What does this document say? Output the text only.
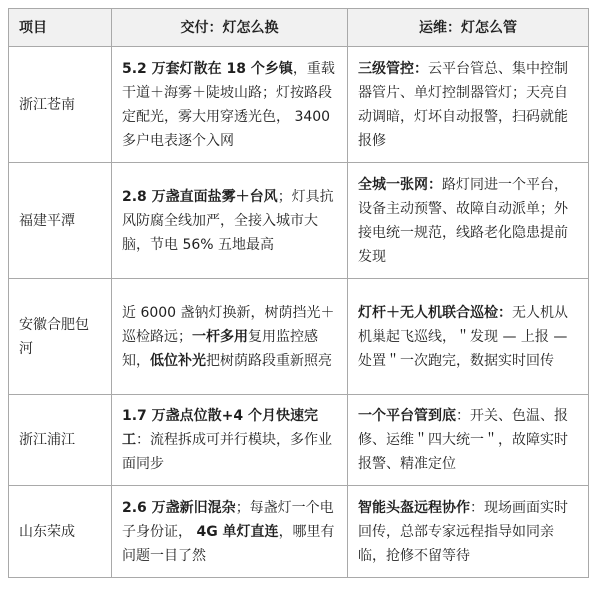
项目	交付：灯怎么换	运维：灯怎么管
浙江苍南	5.2 万套灯散在 18 个乡镇，重载干道＋海雾＋陡坡山路；灯按路段定配光，雾大用穿透光色， 3400 多户电表逐个入网	三级管控：云平台管总、集中控制器管片、单灯控制器管灯；天亮自动调暗，灯坏自动报警，扫码就能报修
福建平潭	2.8 万盏直面盐雾＋台风；灯具抗风防腐全线加严，全接入城市大脑，节电 56% 五地最高	全城一张网：路灯同进一个平台，设备主动预警、故障自动派单；外接电统一规范，线路老化隐患提前发现
安徽合肥包河	近 6000 盏钠灯换新，树荫挡光＋巡检路远；一杆多用复用监控感知，低位补光把树荫路段重新照亮	灯杆＋无人机联合巡检：无人机从机巢起飞巡线，＂发现 — 上报 — 处置＂一次跑完，数据实时回传
浙江浦江	1.7 万盏点位散+4 个月快速完工：流程拆成可并行模块，多作业面同步	一个平台管到底：开关、色温、报修、运维＂四大统一＂，故障实时报警、精准定位
山东荣成	2.6 万盏新旧混杂；每盏灯一个电子身份证， 4G 单灯直连，哪里有问题一目了然	智能头盔远程协作：现场画面实时回传，总部专家远程指导如同亲临，抢修不留等待
